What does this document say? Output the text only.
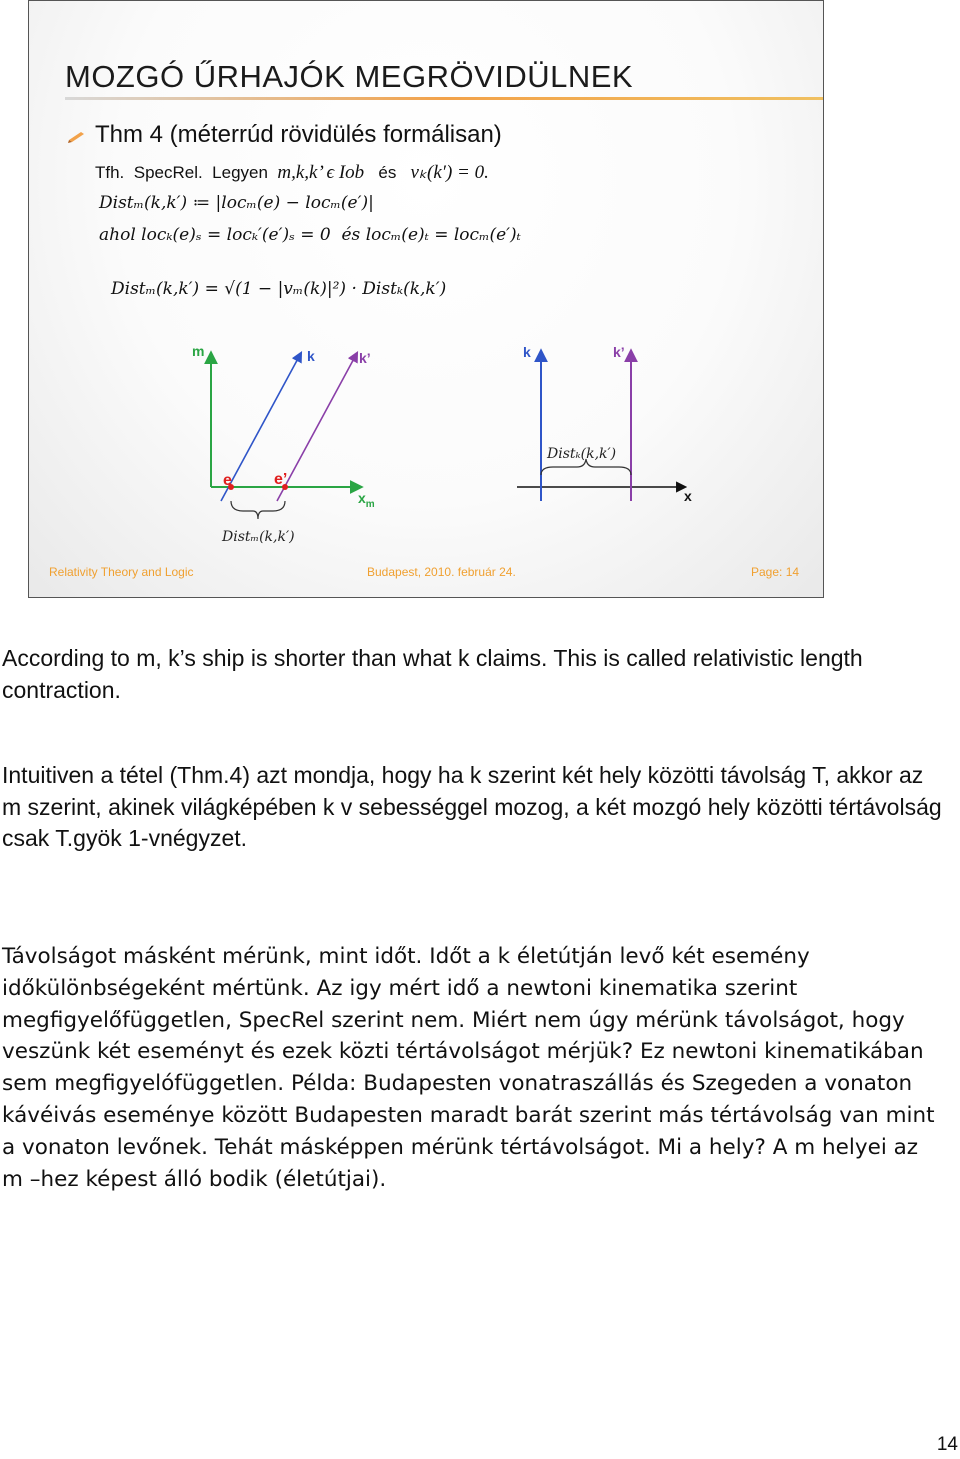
MOZGÓ ŰRHAJÓK MEGRÖVIDÜLNEK
Thm 4 (méterrúd rövidülés formálisan)
Tfh.  SpecRel.  Legyen m,k,k’ ϵ Iob és vₖ(k′) = 0.
Distₘ(k,k′) ≔ |locₘ(e) − locₘ(e′)|
ahol locₖ(e)ₛ = locₖ′(e′)ₛ = 0  és locₘ(e)ₜ = locₘ(e′)ₜ
Distₘ(k,k′) = √(1 − |vₘ(k)|²) · Distₖ(k,k′)
m	k	k’
e	e’
$x_m$
Distₘ(k,k′)
k	k’
x
Distₖ(k,k′)
Relativity Theory and Logic	Budapest, 2010. február 24.	Page: 14

According to m, k’s ship is shorter than what k claims. This is called relativistic length contraction.

Intuitiven a tétel (Thm.4) azt mondja, hogy ha k szerint két hely közötti távolság T, akkor az m szerint, akinek világképében k v sebességgel mozog, a két mozgó hely közötti tértávolság csak T.gyök 1-vnégyzet.

Távolságot másként mérünk, mint időt. Időt a k életútján levő két esemény időkülönbségeként mértünk. Az igy mért idő a newtoni kinematika szerint megfigyelőfüggetlen, SpecRel szerint nem. Miért nem úgy mérünk távolságot, hogy veszünk két eseményt és ezek közti tértávolságot mérjük? Ez newtoni kinematikában sem megfigyelófüggetlen. Példa: Budapesten vonatraszállás és Szegeden a vonaton kávéivás eseménye között Budapesten maradt barát szerint más tértávolság van mint a vonaton levőnek. Tehát másképpen mérünk tértávolságot. Mi a hely? A m helyei az m –hez képest álló bodik (életútjai).

14
